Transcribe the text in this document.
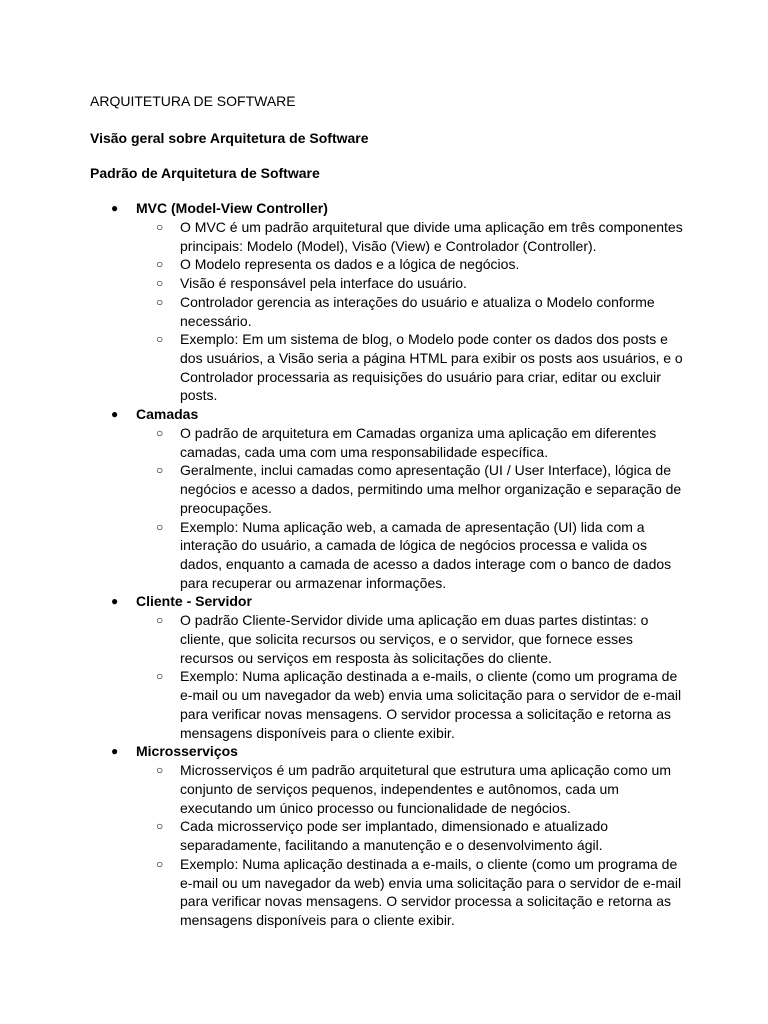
ARQUITETURA DE SOFTWARE
Visão geral sobre Arquitetura de Software
Padrão de Arquitetura de Software
● MVC (Model-View Controller)
○ O MVC é um padrão arquitetural que divide uma aplicação em três componentes principais: Modelo (Model), Visão (View) e Controlador (Controller).
○ O Modelo representa os dados e a lógica de negócios.
○ Visão é responsável pela interface do usuário.
○ Controlador gerencia as interações do usuário e atualiza o Modelo conforme necessário.
○ Exemplo: Em um sistema de blog, o Modelo pode conter os dados dos posts e dos usuários, a Visão seria a página HTML para exibir os posts aos usuários, e o Controlador processaria as requisições do usuário para criar, editar ou excluir posts.
● Camadas
○ O padrão de arquitetura em Camadas organiza uma aplicação em diferentes camadas, cada uma com uma responsabilidade específica.
○ Geralmente, inclui camadas como apresentação (UI / User Interface), lógica de negócios e acesso a dados, permitindo uma melhor organização e separação de preocupações.
○ Exemplo: Numa aplicação web, a camada de apresentação (UI) lida com a interação do usuário, a camada de lógica de negócios processa e valida os dados, enquanto a camada de acesso a dados interage com o banco de dados para recuperar ou armazenar informações.
● Cliente - Servidor
○ O padrão Cliente-Servidor divide uma aplicação em duas partes distintas: o cliente, que solicita recursos ou serviços, e o servidor, que fornece esses recursos ou serviços em resposta às solicitações do cliente.
○ Exemplo: Numa aplicação destinada a e-mails, o cliente (como um programa de e-mail ou um navegador da web) envia uma solicitação para o servidor de e-mail para verificar novas mensagens. O servidor processa a solicitação e retorna as mensagens disponíveis para o cliente exibir.
● Microsserviços
○ Microsserviços é um padrão arquitetural que estrutura uma aplicação como um conjunto de serviços pequenos, independentes e autônomos, cada um executando um único processo ou funcionalidade de negócios.
○ Cada microsserviço pode ser implantado, dimensionado e atualizado separadamente, facilitando a manutenção e o desenvolvimento ágil.
○ Exemplo: Numa aplicação destinada a e-mails, o cliente (como um programa de e-mail ou um navegador da web) envia uma solicitação para o servidor de e-mail para verificar novas mensagens. O servidor processa a solicitação e retorna as mensagens disponíveis para o cliente exibir.
